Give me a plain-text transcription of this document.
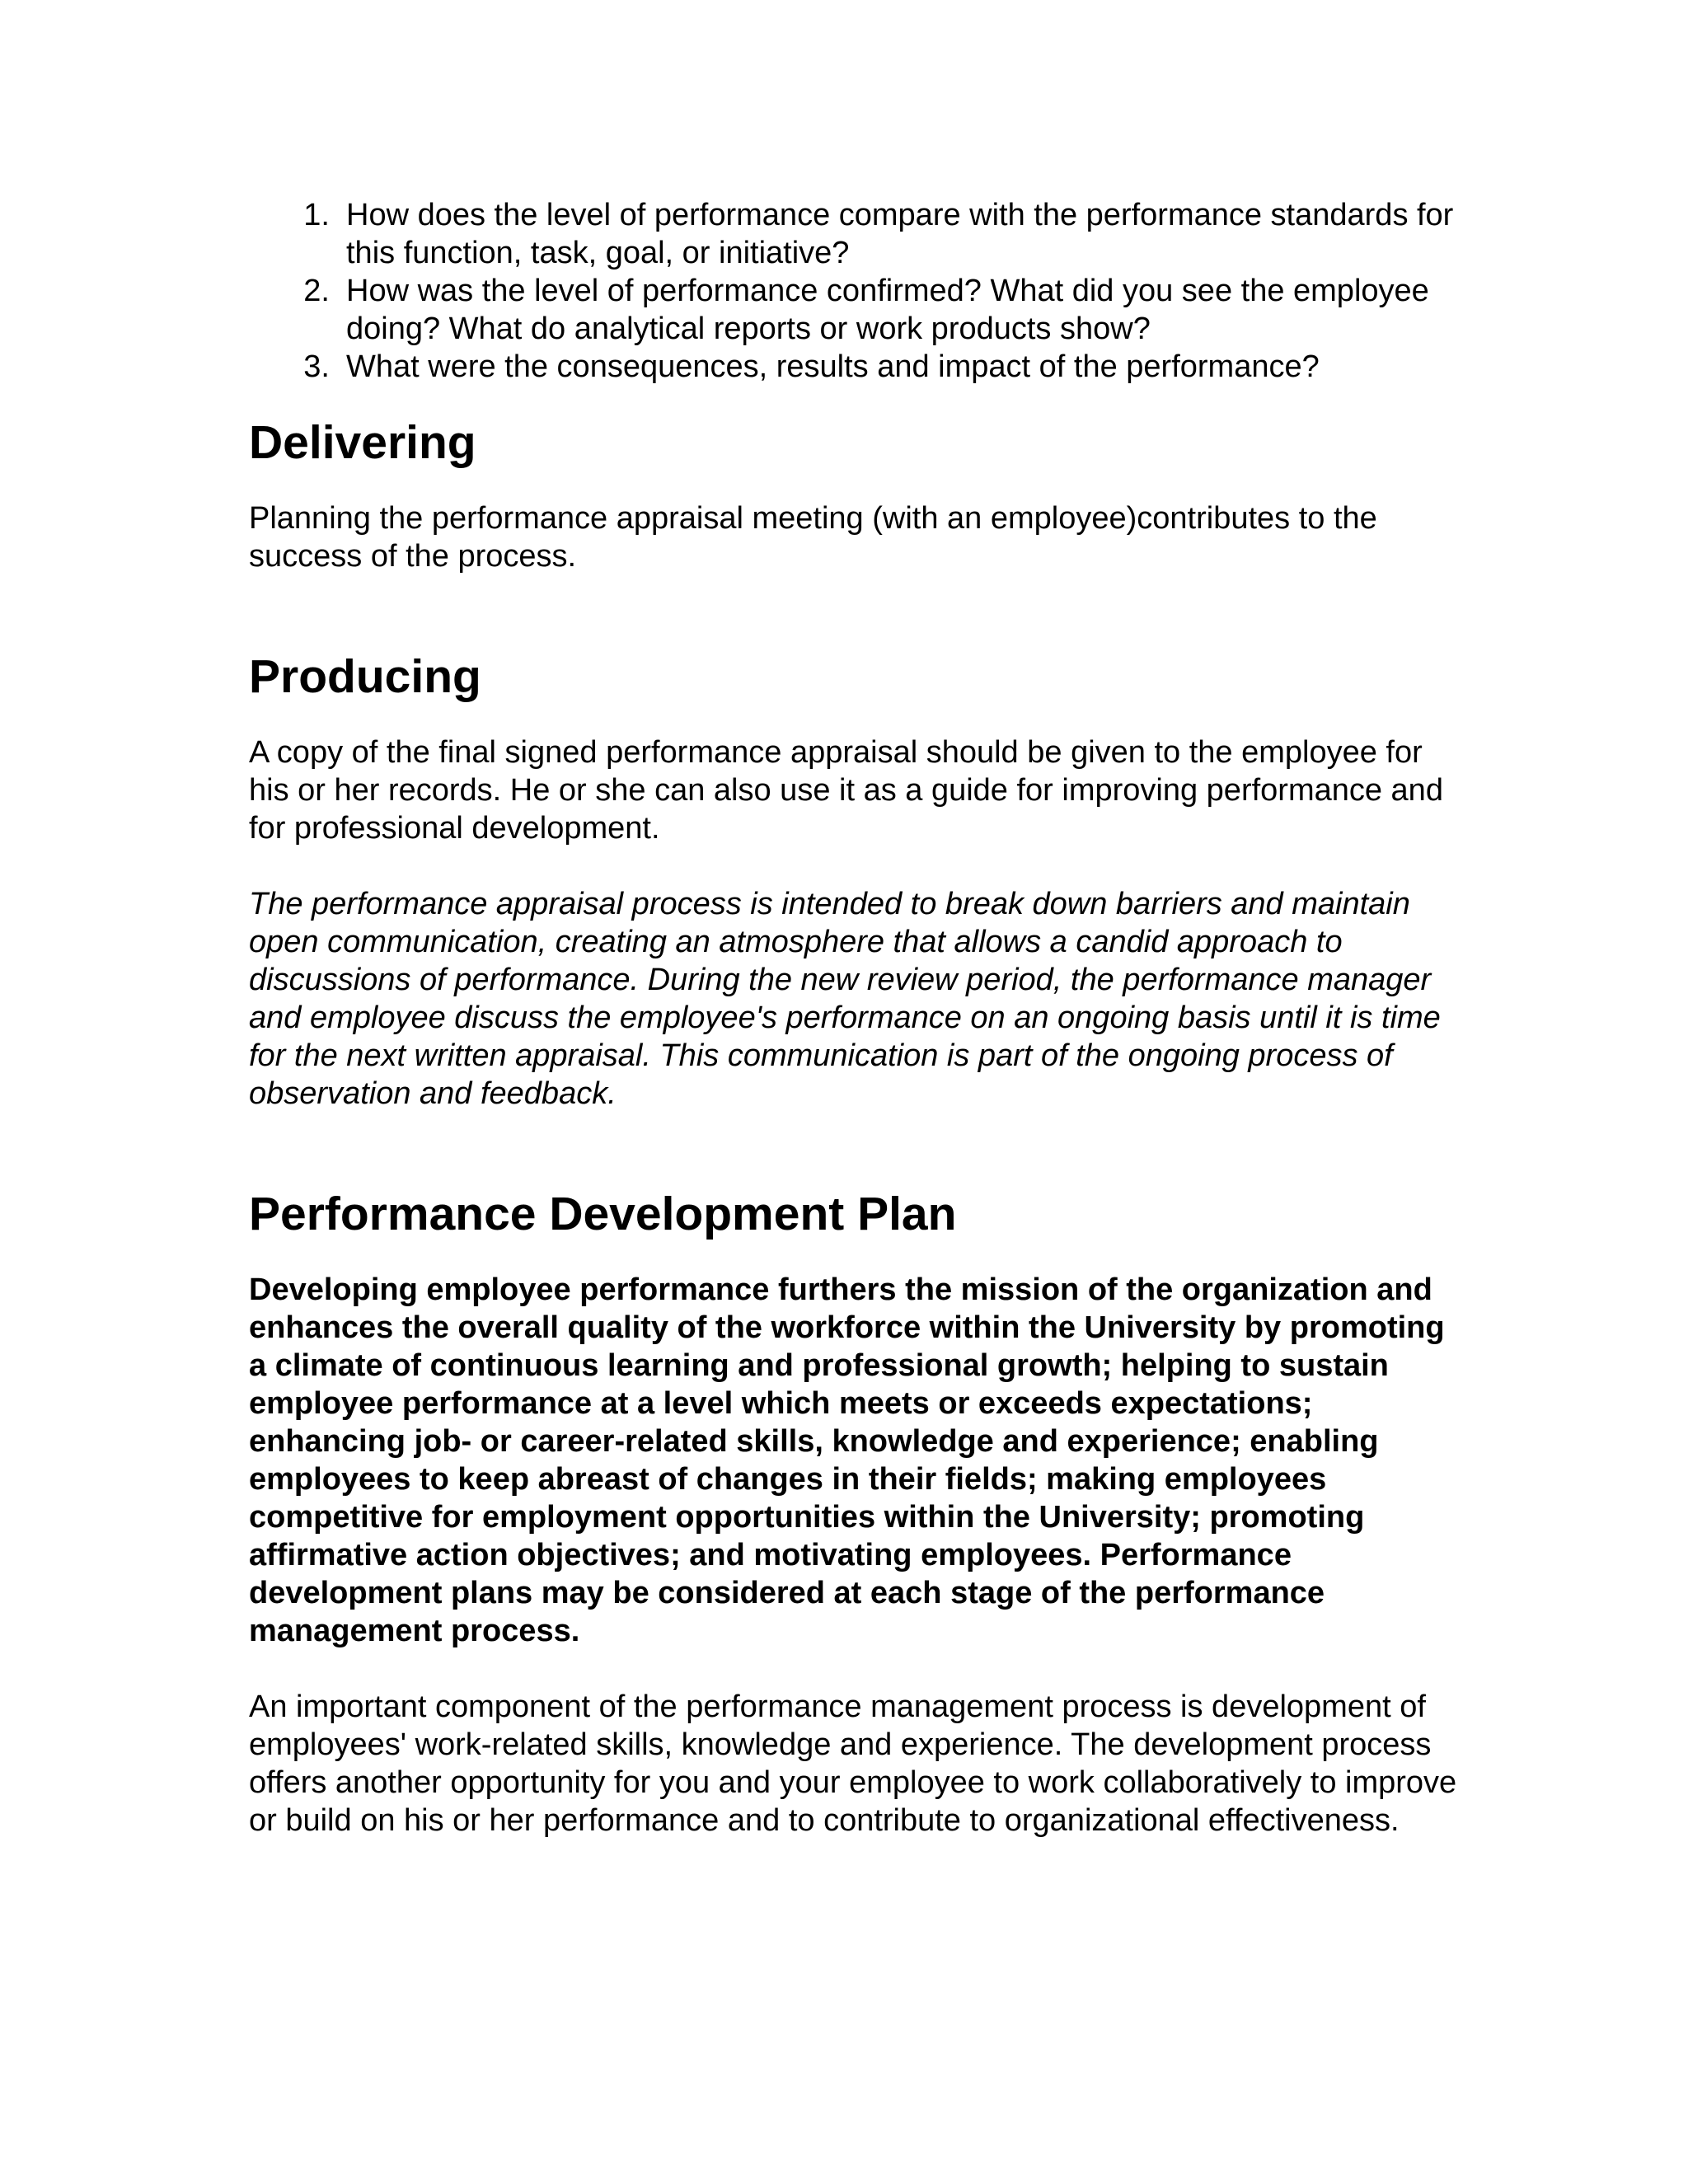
1. How does the level of performance compare with the performance standards for this function, task, goal, or initiative?
2. How was the level of performance confirmed? What did you see the employee doing? What do analytical reports or work products show?
3. What were the consequences, results and impact of the performance?
Delivering

Planning the performance appraisal meeting (with an employee)contributes to the success of the process.

Producing

A copy of the final signed performance appraisal should be given to the employee for his or her records. He or she can also use it as a guide for improving performance and for professional development.

The performance appraisal process is intended to break down barriers and maintain open communication, creating an atmosphere that allows a candid approach to discussions of performance. During the new review period, the performance manager and employee discuss the employee's performance on an ongoing basis until it is time for the next written appraisal. This communication is part of the ongoing process of observation and feedback.

Performance Development Plan

Developing employee performance furthers the mission of the organization and enhances the overall quality of the workforce within the University by promoting a climate of continuous learning and professional growth; helping to sustain employee performance at a level which meets or exceeds expectations; enhancing job- or career-related skills, knowledge and experience; enabling employees to keep abreast of changes in their fields; making employees competitive for employment opportunities within the University; promoting affirmative action objectives; and motivating employees. Performance development plans may be considered at each stage of the performance management process.

An important component of the performance management process is development of employees' work-related skills, knowledge and experience. The development process offers another opportunity for you and your employee to work collaboratively to improve or build on his or her performance and to contribute to organizational effectiveness.
